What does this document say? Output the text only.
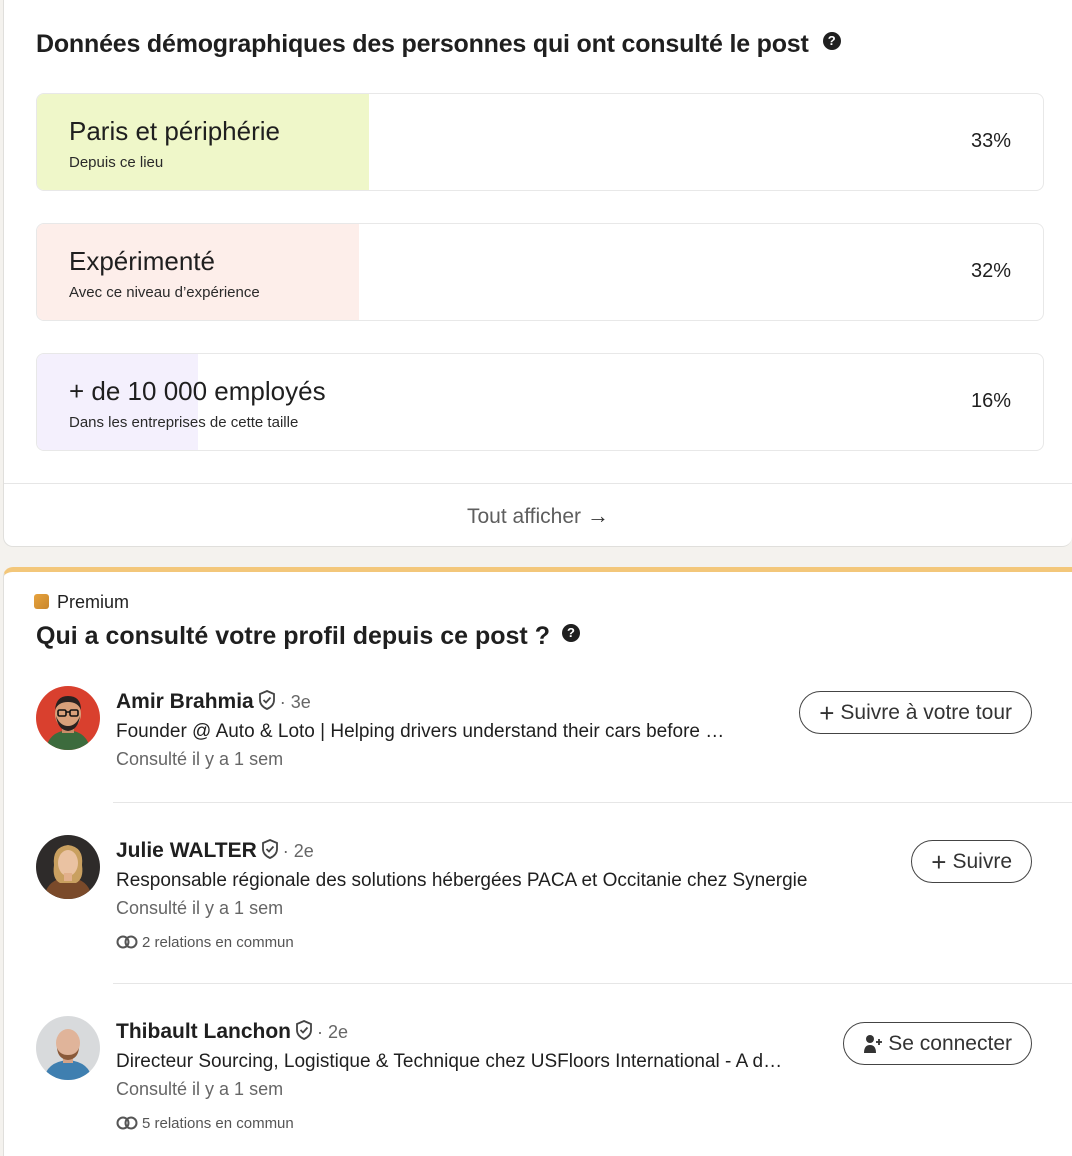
Données démographiques des personnes qui ont consulté le post ?
Paris et périphérie
Depuis ce lieu
33%
Expérimenté
Avec ce niveau d’expérience
32%
+ de 10 000 employés
Dans les entreprises de cette taille
16%
Tout afficher →
Premium
Qui a consulté votre profil depuis ce post ? ?
Amir Brahmia · 3e
Founder @ Auto & Loto | Helping drivers understand their cars before …
Consulté il y a 1 sem
+ Suivre à votre tour
Julie WALTER · 2e
Responsable régionale des solutions hébergées PACA et Occitanie chez Synergie
Consulté il y a 1 sem
2 relations en commun
+ Suivre
Thibault Lanchon · 2e
Directeur Sourcing, Logistique & Technique chez USFloors International - A d…
Consulté il y a 1 sem
5 relations en commun
Se connecter
